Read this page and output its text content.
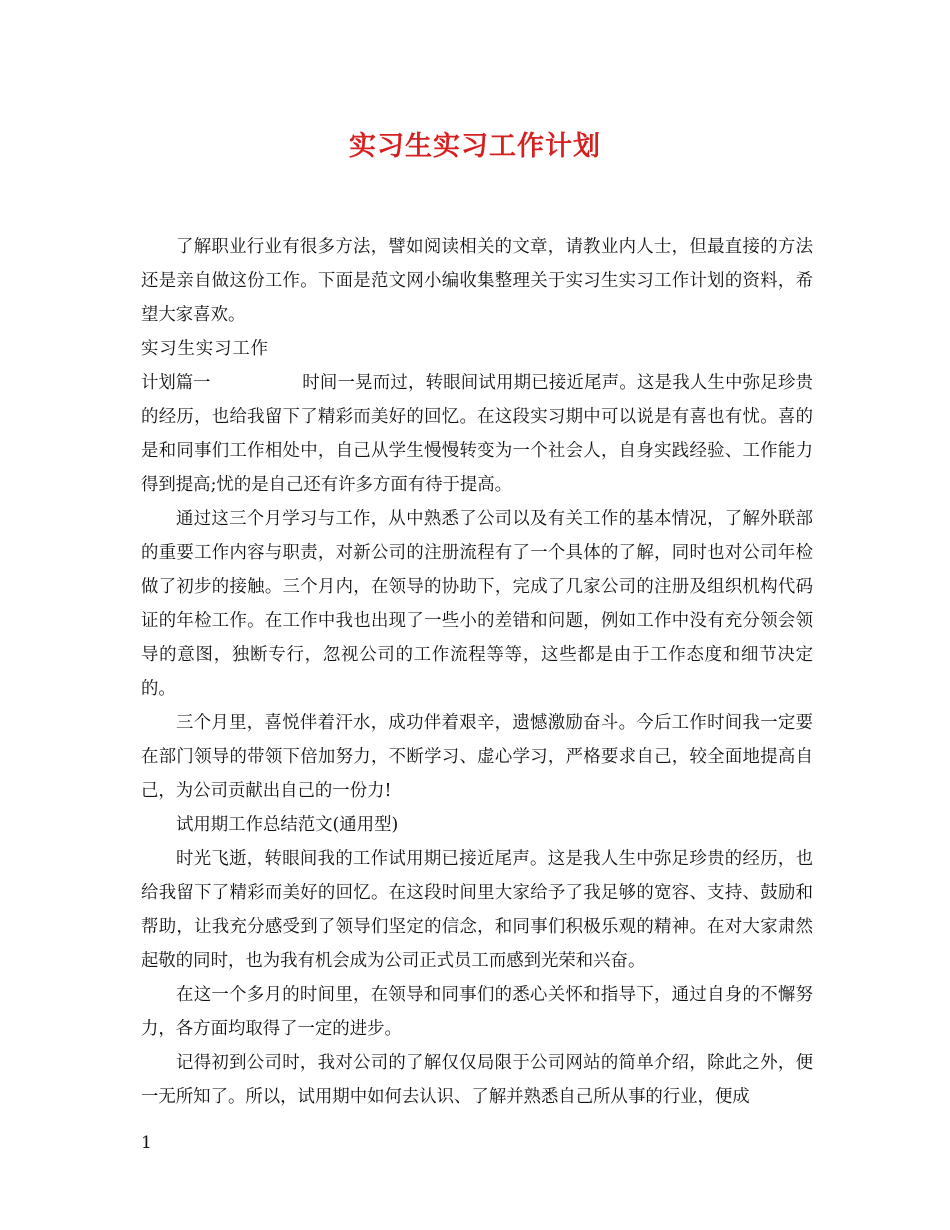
实习生实习工作计划

了解职业行业有很多方法，譬如阅读相关的文章，请教业内人士，但最直接的方法还是亲自做这份工作。下面是范文网小编收集整理关于实习生实习工作计划的资料，希望大家喜欢。

实习生实习工作计划篇一	时间一晃而过，转眼间试用期已接近尾声。这是我人生中弥足珍贵的经历，也给我留下了精彩而美好的回忆。在这段实习期中可以说是有喜也有忧。喜的是和同事们工作相处中，自己从学生慢慢转变为一个社会人，自身实践经验、工作能力得到提高;忧的是自己还有许多方面有待于提高。

通过这三个月学习与工作，从中熟悉了公司以及有关工作的基本情况，了解外联部的重要工作内容与职责，对新公司的注册流程有了一个具体的了解，同时也对公司年检做了初步的接触。三个月内，在领导的协助下，完成了几家公司的注册及组织机构代码证的年检工作。在工作中我也出现了一些小的差错和问题，例如工作中没有充分领会领导的意图，独断专行，忽视公司的工作流程等等，这些都是由于工作态度和细节决定的。

三个月里，喜悦伴着汗水，成功伴着艰辛，遗憾激励奋斗。今后工作时间我一定要在部门领导的带领下倍加努力，不断学习、虚心学习，严格要求自己，较全面地提高自己，为公司贡献出自己的一份力!

试用期工作总结范文(通用型)

时光飞逝，转眼间我的工作试用期已接近尾声。这是我人生中弥足珍贵的经历，也给我留下了精彩而美好的回忆。在这段时间里大家给予了我足够的宽容、支持、鼓励和帮助，让我充分感受到了领导们坚定的信念，和同事们积极乐观的精神。在对大家肃然起敬的同时，也为我有机会成为公司正式员工而感到光荣和兴奋。

在这一个多月的时间里，在领导和同事们的悉心关怀和指导下，通过自身的不懈努力，各方面均取得了一定的进步。

记得初到公司时，我对公司的了解仅仅局限于公司网站的简单介绍，除此之外，便一无所知了。所以，试用期中如何去认识、了解并熟悉自己所从事的行业，便成

1
